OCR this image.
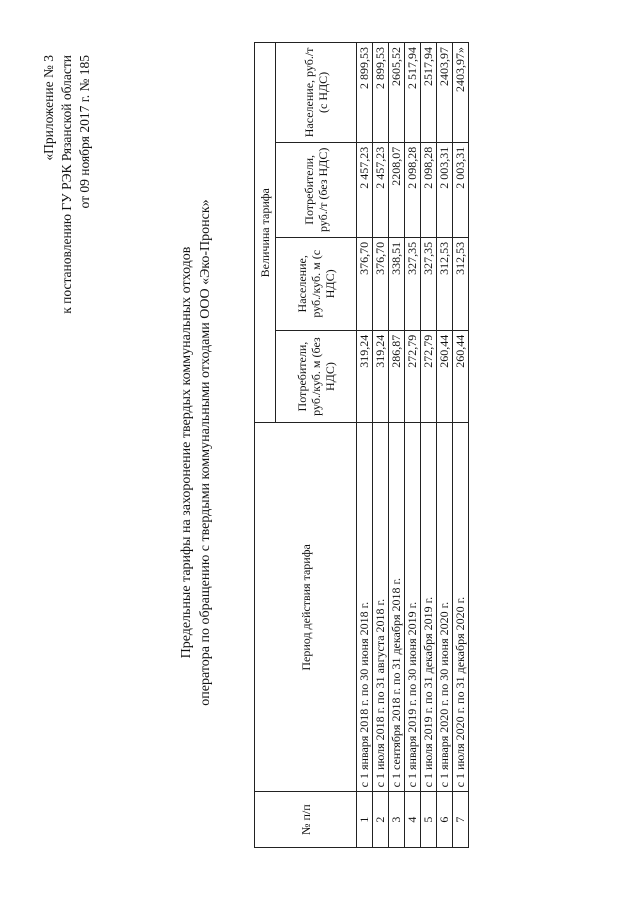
«Приложение № 3 к постановлению ГУ РЭК Рязанской области от 09 ноября 2017 г. № 185
Предельные тарифы на захоронение твердых коммунальных отходов оператора по обращению с твердыми коммунальными отходами ООО «Эко-Пронск»
№ п/п	Период действия тарифа	Величина тарифа			
		Потребители, руб./куб. м (без НДС)	Население, руб./куб. м (с НДС)	Потребители, руб./т (без НДС)	Население, руб./т (с НДС)
1	с 1 января 2018 г. по 30 июня 2018 г.	319,24	376,70	2 457,23	2 899,53
2	с 1 июля 2018 г. по 31 августа 2018 г.	319,24	376,70	2 457,23	2 899,53
3	с 1 сентября 2018 г. по 31 декабря 2018 г.	286,87	338,51	2208,07	2605,52
4	с 1 января 2019 г. по 30 июня 2019 г.	272,79	327,35	2 098,28	2 517,94
5	с 1 июля 2019 г. по 31 декабря 2019 г.	272,79	327,35	2 098,28	2517,94
6	с 1 января 2020 г. по 30 июня 2020 г.	260,44	312,53	2 003,31	2403,97
7	с 1 июля 2020 г. по 31 декабря 2020 г.	260,44	312,53	2 003,31	2403,97»
